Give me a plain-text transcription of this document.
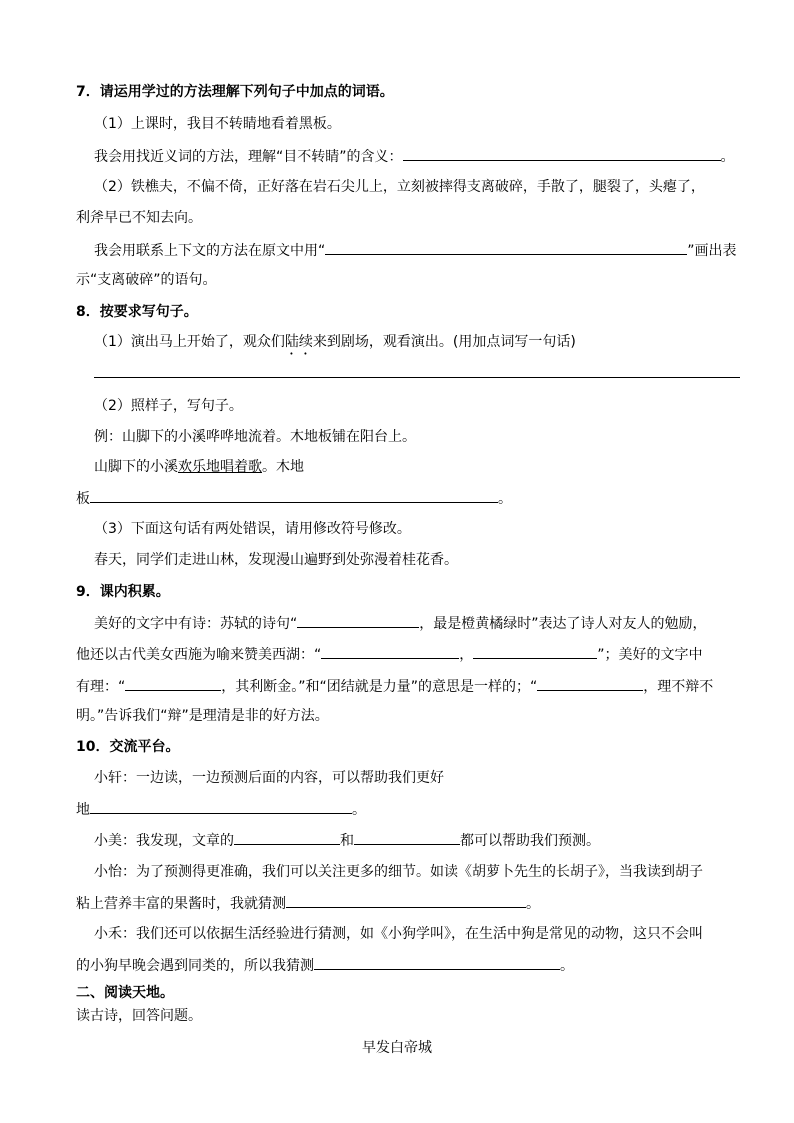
7．请运用学过的方法理解下列句子中加点的词语。
（1）上课时，我目不转睛地看着黑板。
我会用找近义词的方法，理解“目不转睛”的含义：	。
（2）铁樵夫，不偏不倚，正好落在岩石尖儿上，立刻被摔得支离破碎，手散了，腿裂了，头瘪了，
利斧早已不知去向。
我会用联系上下文的方法在原文中用“	”画出表
示“支离破碎”的语句。
8．按要求写句子。
（1）演出马上开始了，观众们陆续来到剧场，观看演出。(用加点词写一句话)
（2）照样子，写句子。
例：山脚下的小溪哗哗地流着。木地板铺在阳台上。
山脚下的小溪欢乐地唱着歌。木地
板	。
（3）下面这句话有两处错误，请用修改符号修改。
春天，同学们走进山林，发现漫山遍野到处弥漫着桂花香。
9．课内积累。
美好的文字中有诗：苏轼的诗句“	，最是橙黄橘绿时”表达了诗人对友人的勉励，
他还以古代美女西施为喻来赞美西湖：“	，	”；美好的文字中
有理：“	，其利断金。”和“团结就是力量”的意思是一样的；“	，理不辩不
明。”告诉我们“辩”是理清是非的好方法。
10．交流平台。
小轩：一边读，一边预测后面的内容，可以帮助我们更好
地	。
小美：我发现，文章的	和	都可以帮助我们预测。
小怡：为了预测得更准确，我们可以关注更多的细节。如读《胡萝卜先生的长胡子》，当我读到胡子
粘上营养丰富的果酱时，我就猜测	。
小禾：我们还可以依据生活经验进行猜测，如《小狗学叫》，在生活中狗是常见的动物，这只不会叫
的小狗早晚会遇到同类的，所以我猜测	。
二、阅读天地。
读古诗，回答问题。
早发白帝城
